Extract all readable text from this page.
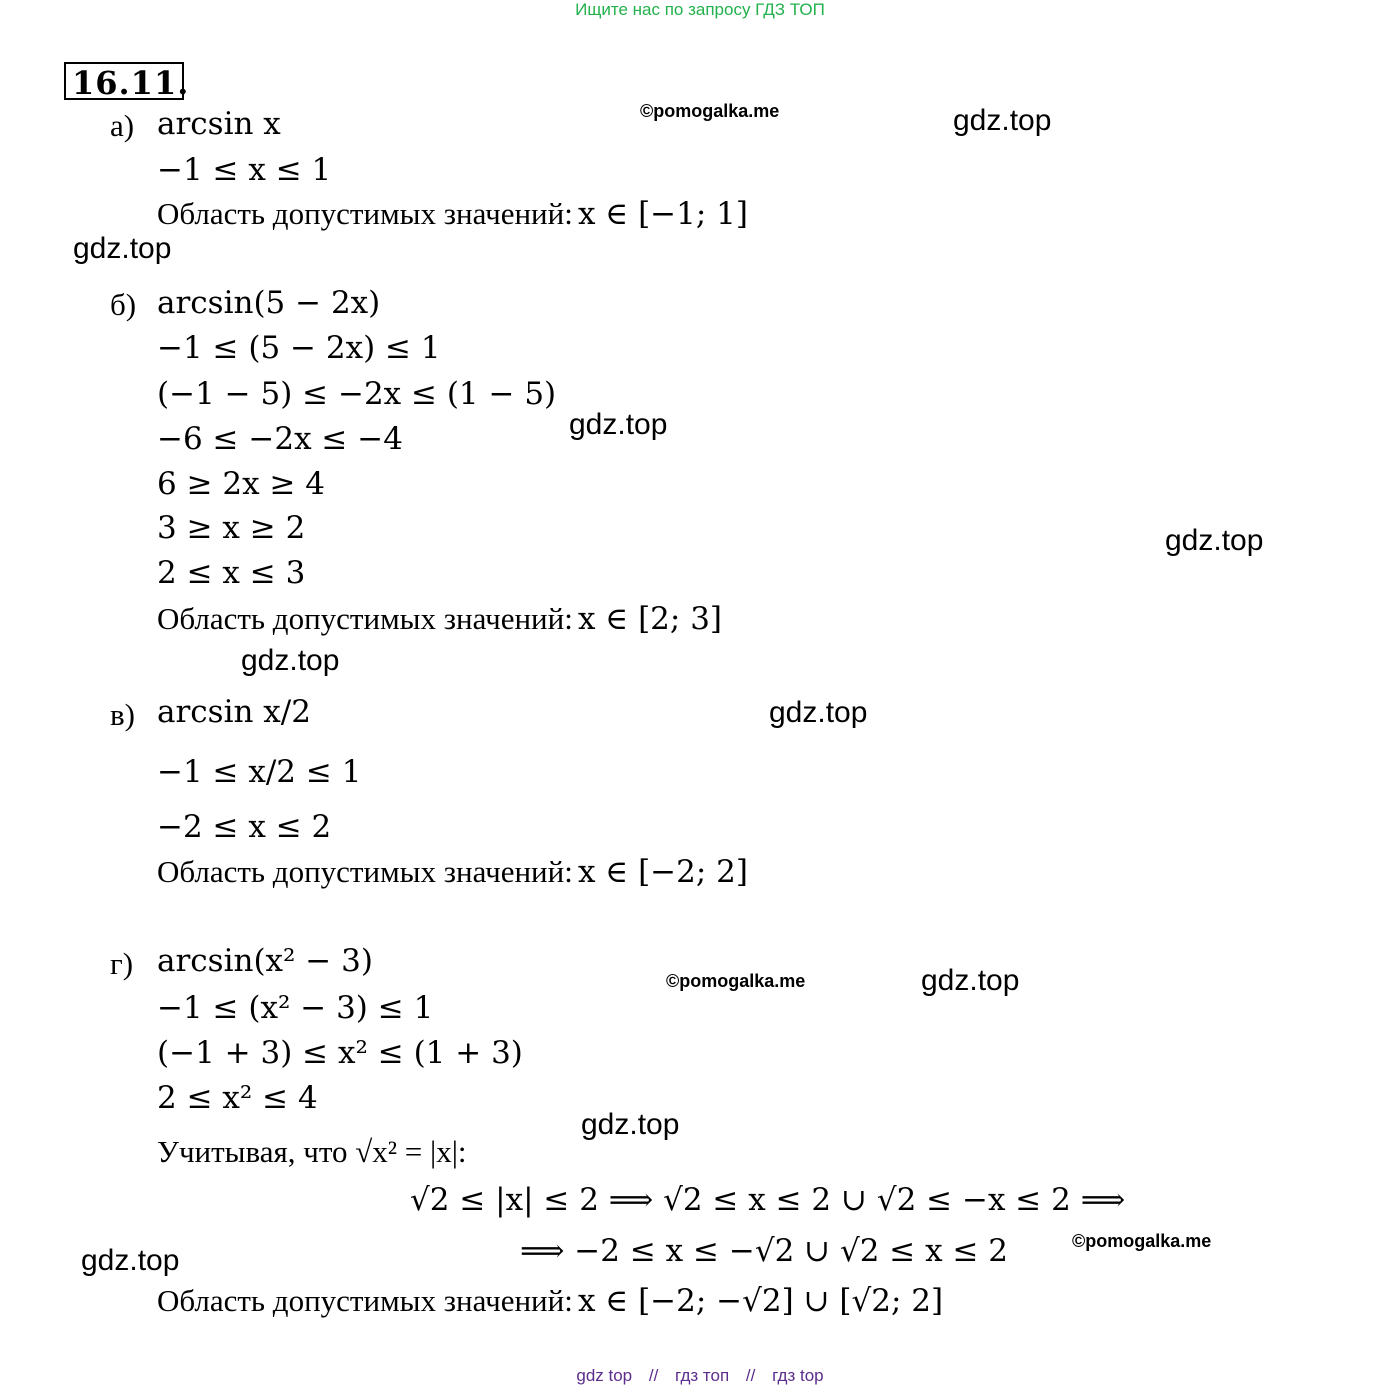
Ищите нас по запросу ГДЗ ТОП
16.11.
©pomogalka.me	gdz.top
gdz.top
gdz.top
gdz.top
gdz.top
gdz.top
©pomogalka.me	gdz.top
gdz.top
©pomogalka.me
gdz.top
а) arcsin x
−1 ≤ x ≤ 1
Область допустимых значений: x ∈ [−1; 1]
б) arcsin(5 − 2x)
−1 ≤ (5 − 2x) ≤ 1
(−1 − 5) ≤ −2x ≤ (1 − 5)
−6 ≤ −2x ≤ −4
6 ≥ 2x ≥ 4
3 ≥ x ≥ 2
2 ≤ x ≤ 3
Область допустимых значений: x ∈ [2; 3]
в) arcsin x/2
−1 ≤ x/2 ≤ 1
−2 ≤ x ≤ 2
Область допустимых значений: x ∈ [−2; 2]
г) arcsin(x² − 3)
−1 ≤ (x² − 3) ≤ 1
(−1 + 3) ≤ x² ≤ (1 + 3)
2 ≤ x² ≤ 4
Учитывая, что √x² = |x|:
√2 ≤ |x| ≤ 2 ⟹ √2 ≤ x ≤ 2 ∪ √2 ≤ −x ≤ 2 ⟹
⟹ −2 ≤ x ≤ −√2 ∪ √2 ≤ x ≤ 2
Область допустимых значений: x ∈ [−2; −√2] ∪ [√2; 2]
gdz top // гдз топ // гдз top
